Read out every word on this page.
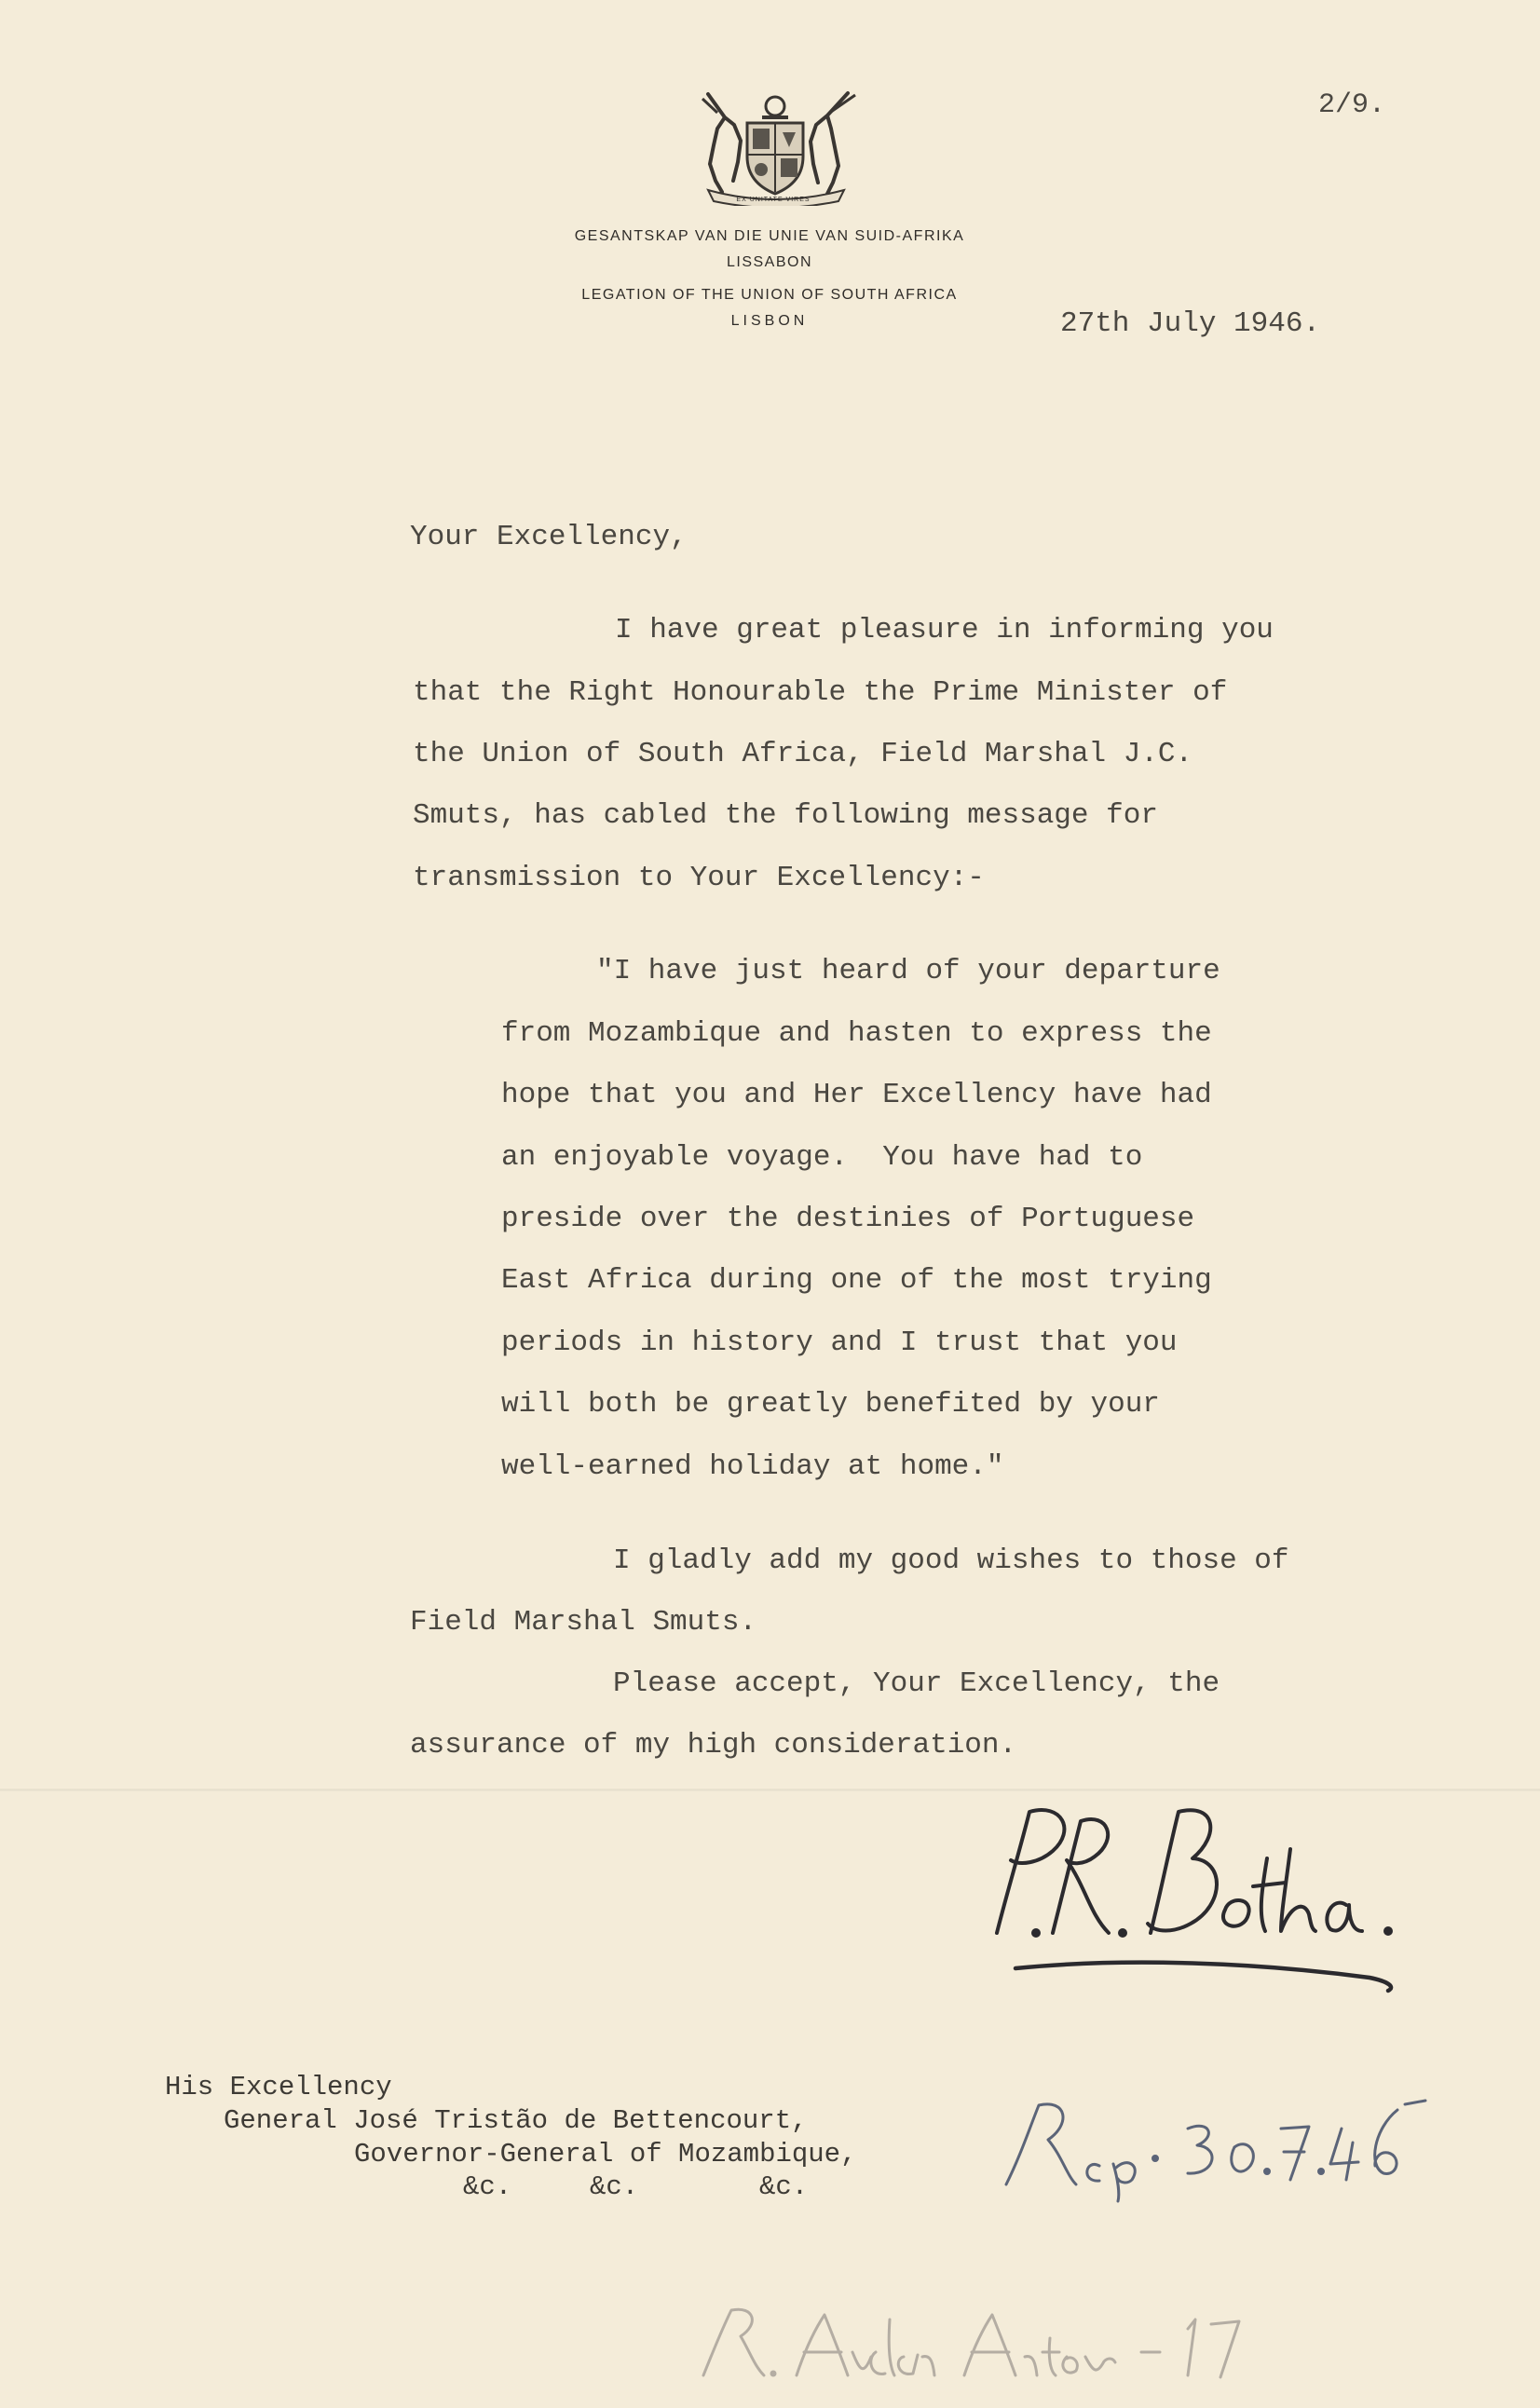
2/9.
EX UNITATE VIRES
GESANTSKAP VAN DIE UNIE VAN SUID-AFRIKA
LISSABON
LEGATION OF THE UNION OF SOUTH AFRICA
LISBON	27th July 1946.
Your Excellency,
I have great pleasure in informing you
that the Right Honourable the Prime Minister of
the Union of South Africa, Field Marshal J.C.
Smuts, has cabled the following message for
transmission to Your Excellency:-
"I have just heard of your departure
from Mozambique and hasten to express the
hope that you and Her Excellency have had
an enjoyable voyage.  You have had to
preside over the destinies of Portuguese
East Africa during one of the most trying
periods in history and I trust that you
will both be greatly benefited by your
well-earned holiday at home."
I gladly add my good wishes to those of
Field Marshal Smuts.
Please accept, Your Excellency, the
assurance of my high consideration.
His Excellency
General José Tristão de Bettencourt,
Governor-General of Mozambique,
&c.	&c.	&c.
